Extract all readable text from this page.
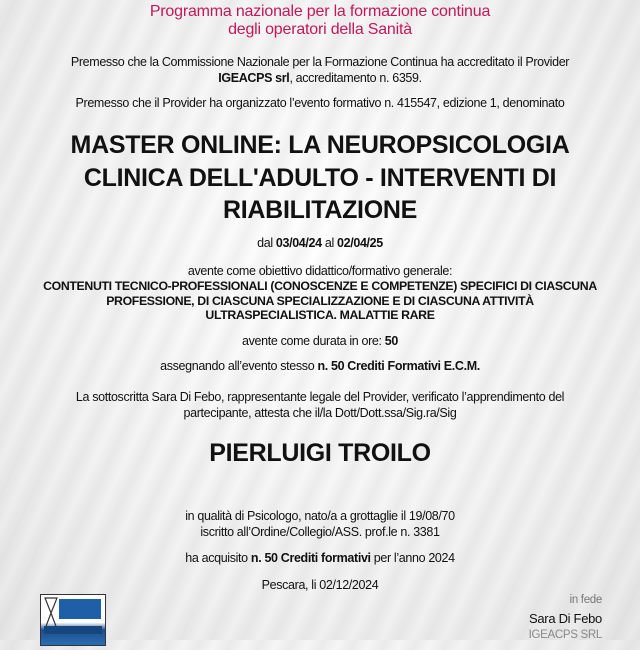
Programma nazionale per la formazione continua
degli operatori della Sanità
Premesso che la Commissione Nazionale per la Formazione Continua ha accreditato il Provider
IGEACPS srl, accreditamento n. 6359.
Premesso che il Provider ha organizzato l’evento formativo n. 415547, edizione 1, denominato
MASTER ONLINE: LA NEUROPSICOLOGIA
CLINICA DELL'ADULTO - INTERVENTI DI
RIABILITAZIONE
dal 03/04/24 al 02/04/25
avente come obiettivo didattico/formativo generale:
CONTENUTI TECNICO-PROFESSIONALI (CONOSCENZE E COMPETENZE) SPECIFICI DI CIASCUNA
PROFESSIONE, DI CIASCUNA SPECIALIZZAZIONE E DI CIASCUNA ATTIVITÀ
ULTRASPECIALISTICA. MALATTIE RARE
avente come durata in ore: 50
assegnando all’evento stesso n. 50 Crediti Formativi E.C.M.
La sottoscritta Sara Di Febo, rappresentante legale del Provider, verificato l’apprendimento del
partecipante, attesta che il/la Dott/Dott.ssa/Sig.ra/Sig
PIERLUIGI TROILO
in qualità di Psicologo, nato/a a grottaglie il 19/08/70
iscritto all’Ordine/Collegio/ASS. prof.le n. 3381
ha acquisito n. 50 Crediti formativi per l’anno 2024
Pescara, li 02/12/2024
in fede
Sara Di Febo
IGEACPS SRL
